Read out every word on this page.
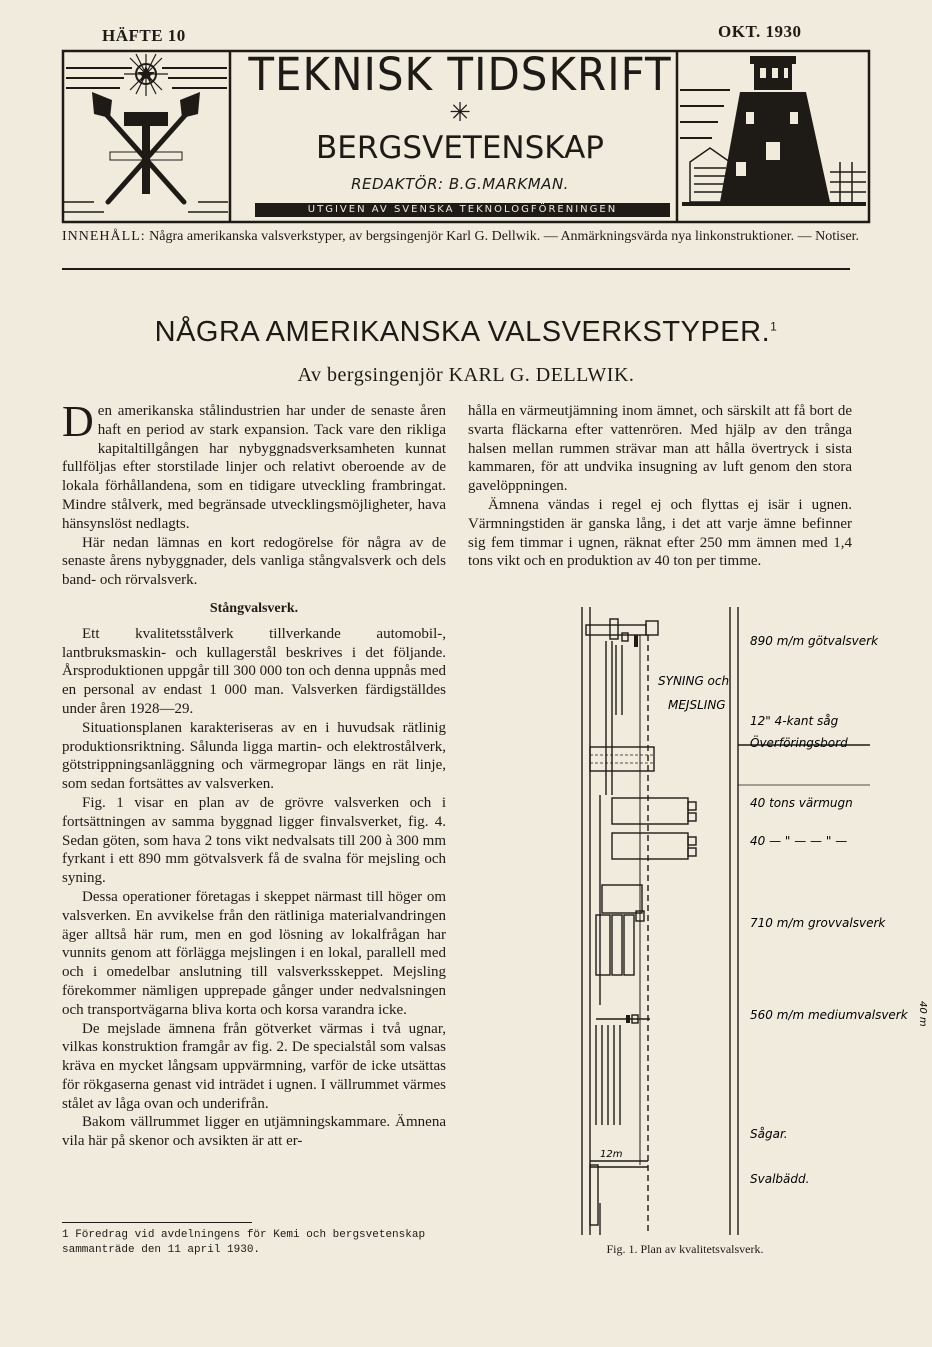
HÄFTE 10	OKT. 1930
TEKNISK TIDSKRIFT
✳
BERGSVETENSKAP
REDAKTÖR: B.G.MARKMAN.
UTGIVEN AV SVENSKA TEKNOLOGFÖRENINGEN
INNEHÅLL: Några amerikanska valsverkstyper, av bergsingenjör Karl G. Dellwik. — Anmärkningsvärda nya linkonstruktioner. — Notiser.
NÅGRA AMERIKANSKA VALSVERKSTYPER.$^1$
Av bergsingenjör KARL G. DELLWIK.

Den amerikanska stålindustrien har under de senaste åren haft en period av stark expansion. Tack vare den rikliga kapitaltillgången har nybyggnadsverksamheten kunnat fullföljas efter storstilade linjer och relativt oberoende av de lokala förhållandena, som en tidigare utveckling frambringat. Mindre stålverk, med begränsade utvecklingsmöjligheter, hava hänsynslöst nedlagts.

Här nedan lämnas en kort redogörelse för några av de senaste årens nybyggnader, dels vanliga stångvalsverk och dels band- och rörvalsverk.

Stångvalsverk.

Ett kvalitetsstålverk tillverkande automobil-, lantbruksmaskin- och kullagerstål beskrives i det följande. Årsproduktionen uppgår till 300 000 ton och denna uppnås med en personal av endast 1 000 man. Valsverken färdigställdes under åren 1928—29.

Situationsplanen karakteriseras av en i huvudsak rätlinig produktionsriktning. Sålunda ligga martin- och elektrostålverk, götstrippningsanläggning och värmegropar längs en rät linje, som sedan fortsättes av valsverken.

Fig. 1 visar en plan av de grövre valsverken och i fortsättningen av samma byggnad ligger finvalsverket, fig. 4. Sedan göten, som hava 2 tons vikt nedvalsats till 200 à 300 mm fyrkant i ett 890 mm götvalsverk få de svalna för mejsling och syning.

Dessa operationer företagas i skeppet närmast till höger om valsverken. En avvikelse från den rätliniga materialvandringen äger alltså här rum, men en god lösning av lokalfrågan har vunnits genom att förlägga mejslingen i en lokal, parallell med och i omedelbar anslutning till valsverksskeppet. Mejsling förekommer nämligen upprepade gånger under nedvalsningen och transportvägarna bliva korta och korsa varandra icke.

De mejslade ämnena från götverket värmas i två ugnar, vilkas konstruktion framgår av fig. 2. De specialstål som valsas kräva en mycket långsam uppvärmning, varför de icke utsättas för rökgaserna genast vid inträdet i ugnen. I vällrummet värmes stålet av låga ovan och underifrån.

Bakom vällrummet ligger en utjämningskammare. Ämnena vila här på skenor och avsikten är att er-

hålla en värmeutjämning inom ämnet, och särskilt att få bort de svarta fläckarna efter vattenrören. Med hjälp av den trånga halsen mellan rummen strävar man att hålla övertryck i sista kammaren, för att undvika insugning av luft genom den stora gavelöppningen.

Ämnena vändas i regel ej och flyttas ej isär i ugnen. Värmningstiden är ganska lång, i det att varje ämne befinner sig fem timmar i ugnen, räknat efter 250 mm ämnen med 1,4 tons vikt och en produktion av 40 ton per timme.

SYNING och
MEJSLING
890 m/m götvalsverk
12" 4-kant såg
Överföringsbord
40 tons värmugn
40 — " — — " —
710 m/m grovvalsverk
560 m/m mediumvalsverk
Sågar.
Svalbädd.
40 m
12m
Fig. 1. Plan av kvalitetsvalsverk.
1 Föredrag vid avdelningens för Kemi och bergsvetenskap sammanträde den 11 april 1930.
